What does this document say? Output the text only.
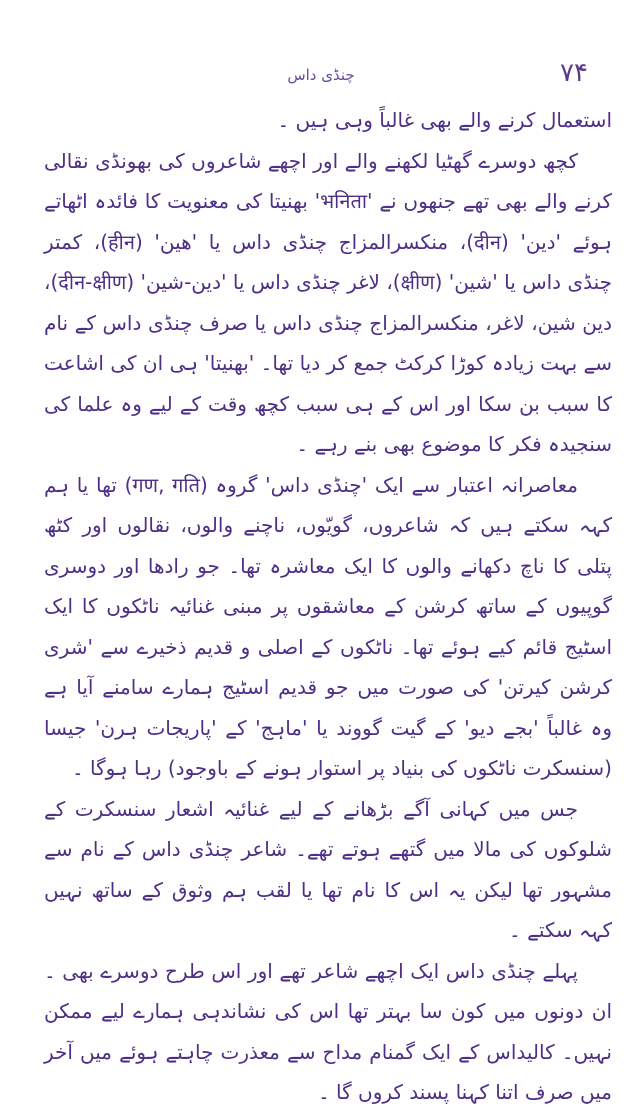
۷۴
چنڈی داس

استعمال کرنے والے بھی غالباً وہی ہیں ۔

کچھ دوسرے گھٹیا لکھنے والے اور اچھے شاعروں کی بھونڈی نقالی کرنے والے بھی تھے جنھوں نے 'भनिता' بھنیتا کی معنویت کا فائدہ اٹھاتے ہوئے 'دین' (दीन)، منکسرالمزاج چنڈی داس یا 'هین' (हीन)، کمتر چنڈی داس یا 'شین' (क्षीण)، لاغر چنڈی داس یا 'دین-شین' (दीन-क्षीण)، دین شین، لاغر، منکسرالمزاج چنڈی داس یا صرف چنڈی داس کے نام سے بہت زیادہ کوڑا کرکٹ جمع کر دیا تھا۔ 'بھنیتا' ہی ان کی اشاعت کا سبب بن سکا اور اس کے ہی سبب کچھ وقت کے لیے وہ علما کی سنجیدہ فکر کا موضوع بھی بنے رہے ۔

معاصرانہ اعتبار سے ایک 'چنڈی داس' گروہ (गण, गति) تھا یا ہم کہہ سکتے ہیں کہ شاعروں، گویّوں، ناچنے والوں، نقالوں اور کٹھ پتلی کا ناچ دکھانے والوں کا ایک معاشرہ تھا۔ جو رادھا اور دوسری گوپیوں کے ساتھ کرشن کے معاشقوں پر مبنی غنائیہ ناٹکوں کا ایک اسٹیج قائم کیے ہوئے تھا۔ ناٹکوں کے اصلی و قدیم ذخیرے سے 'شری کرشن کیرتن' کی صورت میں جو قدیم اسٹیج ہمارے سامنے آیا ہے وہ غالباً 'بجے دیو' کے گیت گووند یا 'ماہج' کے 'پاریجات ہرن' جیسا (سنسکرت ناٹکوں کی بنیاد پر استوار ہونے کے باوجود) رہا ہوگا ۔

جس میں کہانی آگے بڑھانے کے لیے غنائیہ اشعار سنسکرت کے شلوکوں کی مالا میں گتھے ہوتے تھے۔ شاعر چنڈی داس کے نام سے مشہور تھا لیکن یہ اس کا نام تھا یا لقب ہم وثوق کے ساتھ نہیں کہہ سکتے ۔

پہلے چنڈی داس ایک اچھے شاعر تھے اور اس طرح دوسرے بھی ۔ ان دونوں میں کون سا بہتر تھا اس کی نشاندہی ہمارے لیے ممکن نہیں۔ کالیداس کے ایک گمنام مداح سے معذرت چاہتے ہوئے میں آخر میں صرف اتنا کہنا پسند کروں گا ۔
